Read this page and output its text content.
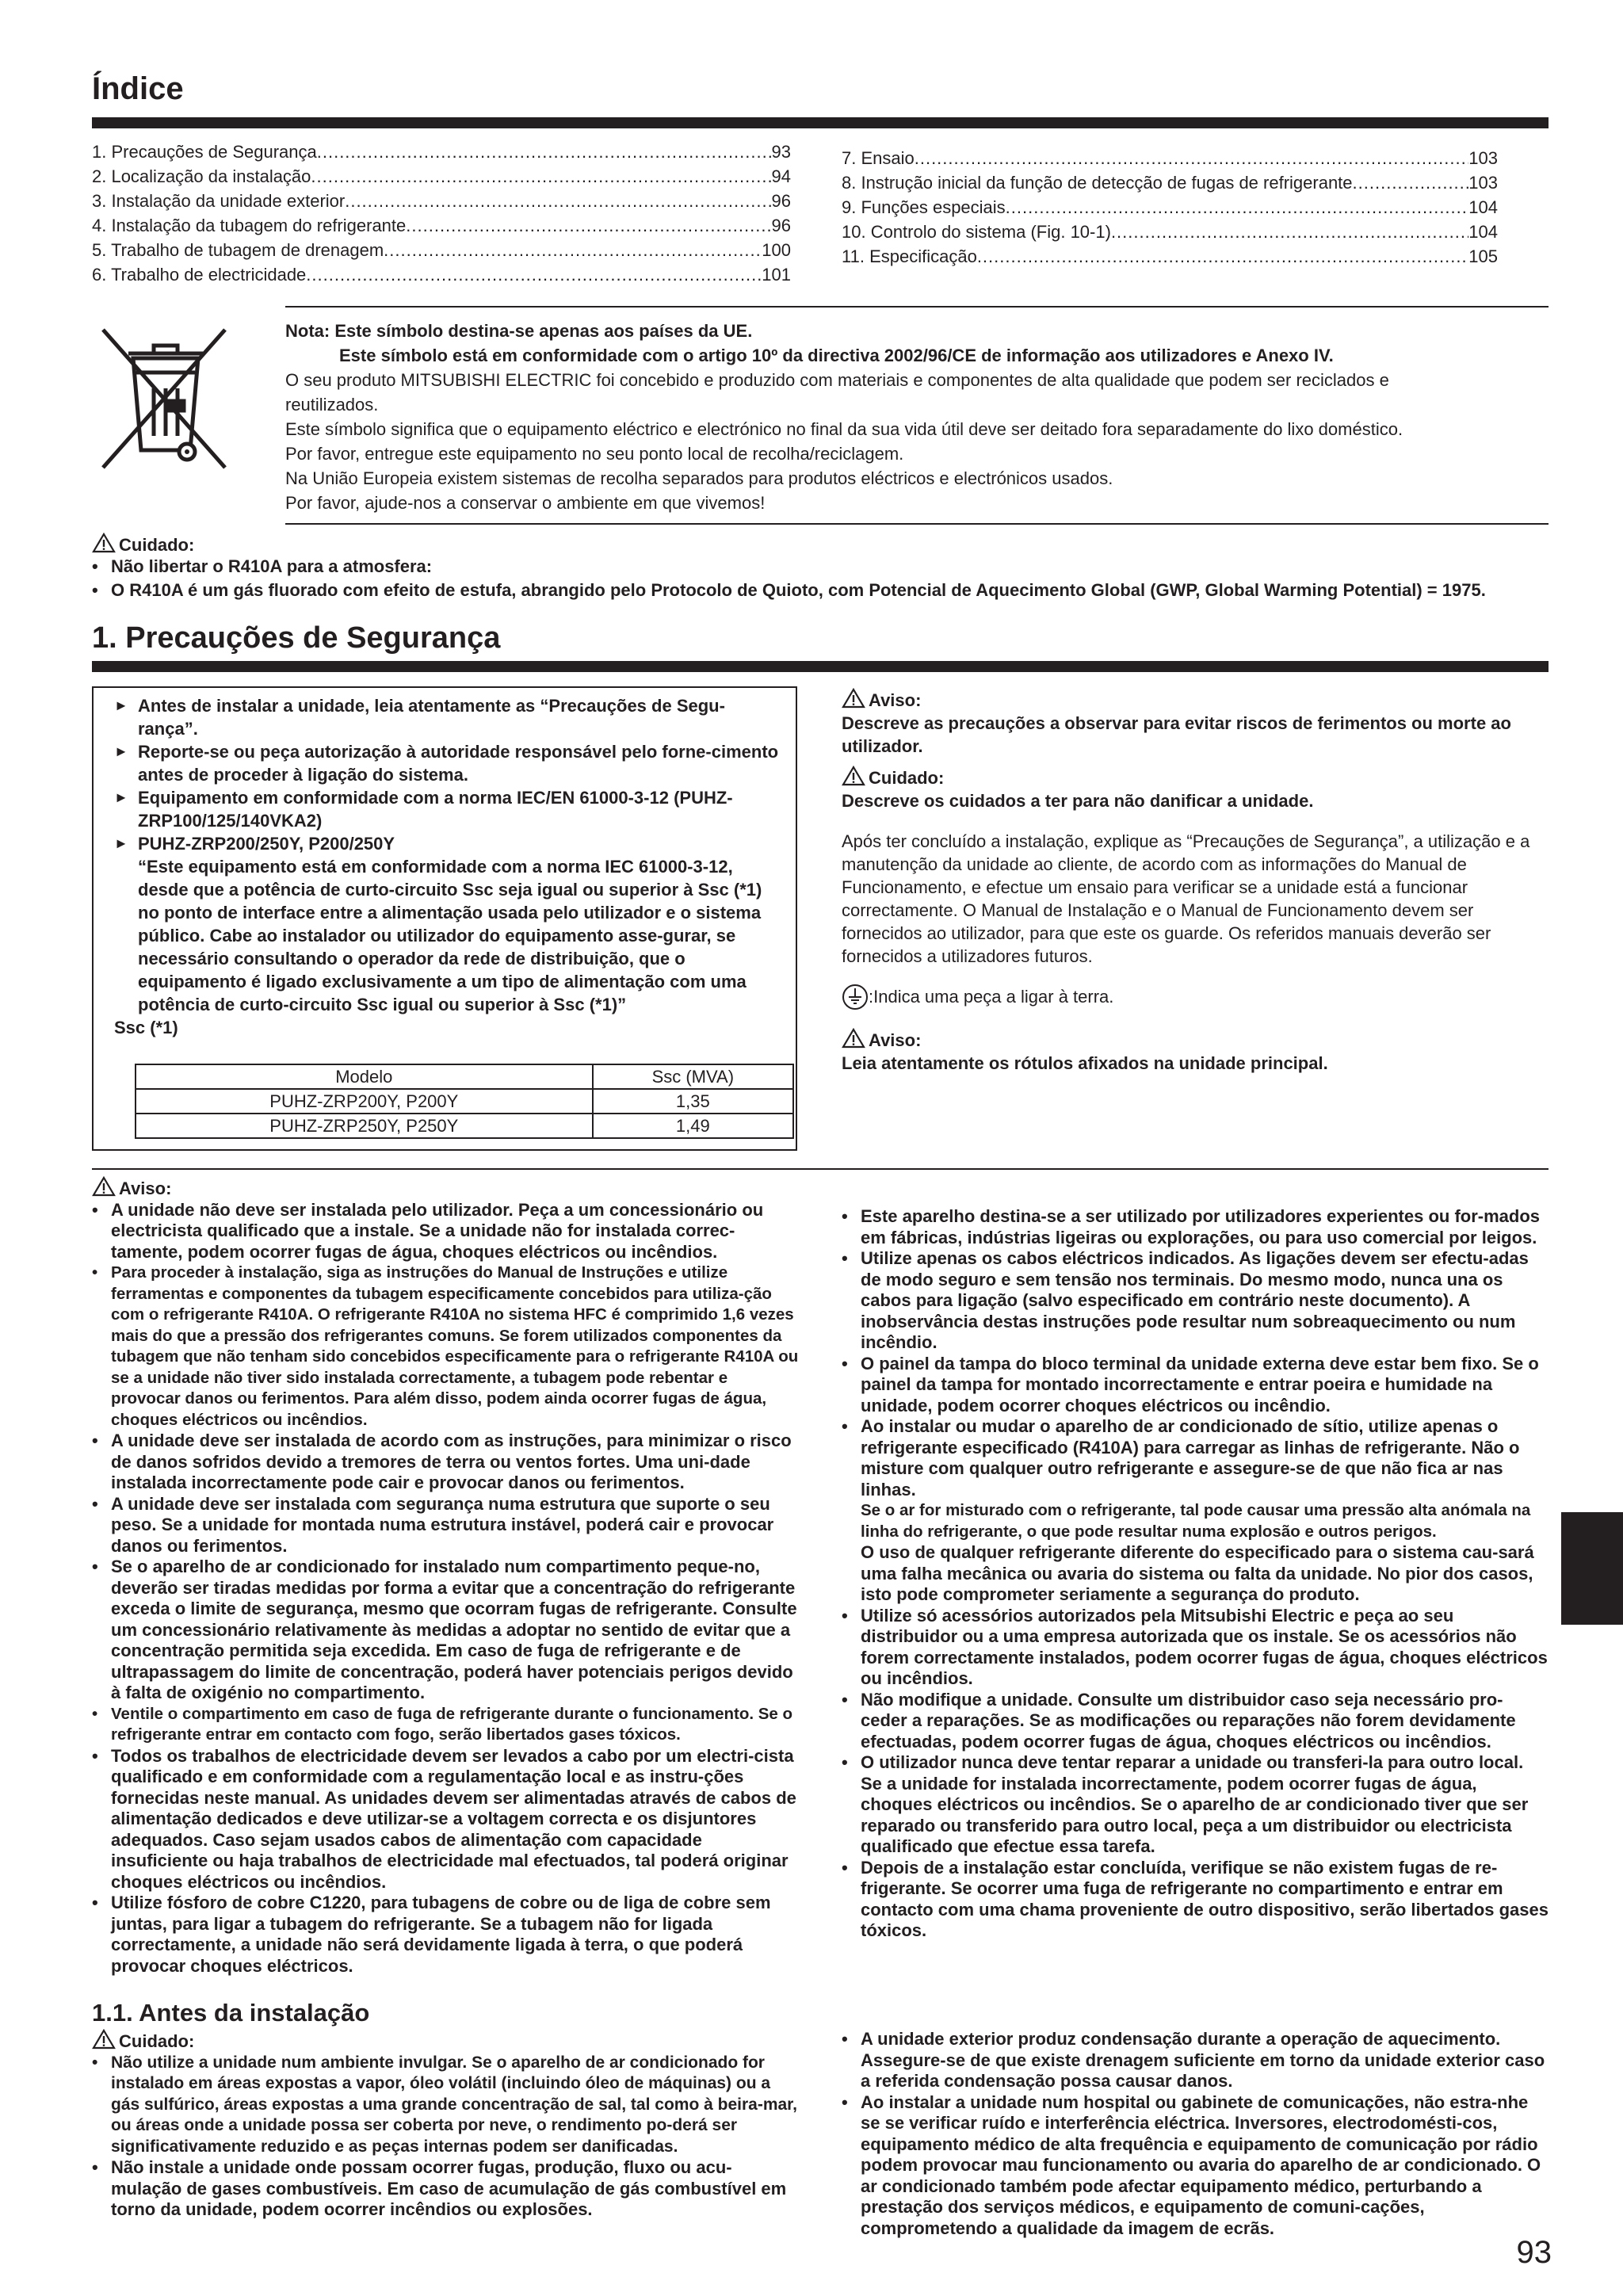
Índice
1. Precauções de Segurança .....	93
2. Localização da instalação .....	94
3. Instalação da unidade exterior .....	96
4. Instalação da tubagem do refrigerante .....	96
5. Trabalho de tubagem de drenagem .....	100
6. Trabalho de electricidade .....	101
7. Ensaio .....	103
8. Instrução inicial da função de detecção de fugas de refrigerante .....	103
9. Funções especiais .....	104
10. Controlo do sistema (Fig. 10-1) .....	104
11. Especificação .....	105
Nota: Este símbolo destina-se apenas aos países da UE.
Este símbolo está em conformidade com o artigo 10º da directiva 2002/96/CE de informação aos utilizadores e Anexo IV.
O seu produto MITSUBISHI ELECTRIC foi concebido e produzido com materiais e componentes de alta qualidade que podem ser reciclados e
reutilizados.
Este símbolo significa que o equipamento eléctrico e electrónico no final da sua vida útil deve ser deitado fora separadamente do lixo doméstico.
Por favor, entregue este equipamento no seu ponto local de recolha/reciclagem.
Na União Europeia existem sistemas de recolha separados para produtos eléctricos e electrónicos usados.
Por favor, ajude-nos a conservar o ambiente em que vivemos!
Cuidado:
• Não libertar o R410A para a atmosfera:
• O R410A é um gás fluorado com efeito de estufa, abrangido pelo Protocolo de Quioto, com Potencial de Aquecimento Global (GWP, Global Warming Potential) = 1975.
1. Precauções de Segurança
► Antes de instalar a unidade, leia atentamente as “Precauções de Segu-rança”.
► Reporte-se ou peça autorização à autoridade responsável pelo forne-cimento antes de proceder à ligação do sistema.
► Equipamento em conformidade com a norma IEC/EN 61000-3-12 (PUHZ-ZRP100/125/140VKA2)
► PUHZ-ZRP200/250Y, P200/250Y
“Este equipamento está em conformidade com a norma IEC 61000-3-12, desde que a potência de curto-circuito Ssc seja igual ou superior à Ssc (*1) no ponto de interface entre a alimentação usada pelo utilizador e o sistema público. Cabe ao instalador ou utilizador do equipamento asse-gurar, se necessário consultando o operador da rede de distribuição, que o equipamento é ligado exclusivamente a um tipo de alimentação com uma potência de curto-circuito Ssc igual ou superior à Ssc (*1)”
Ssc (*1)
Modelo	Ssc (MVA)
PUHZ-ZRP200Y, P200Y	1,35
PUHZ-ZRP250Y, P250Y	1,49
Aviso:
Descreve as precauções a observar para evitar riscos de ferimentos ou morte ao utilizador.
Cuidado:
Descreve os cuidados a ter para não danificar a unidade.
Após ter concluído a instalação, explique as “Precauções de Segurança”, a utilização e a manutenção da unidade ao cliente, de acordo com as informações do Manual de Funcionamento, e efectue um ensaio para verificar se a unidade está a funcionar correctamente. O Manual de Instalação e o Manual de Funcionamento devem ser fornecidos ao utilizador, para que este os guarde. Os referidos manuais deverão ser fornecidos a utilizadores futuros.
:Indica uma peça a ligar à terra.
Aviso:
Leia atentamente os rótulos afixados na unidade principal.
Aviso:
• A unidade não deve ser instalada pelo utilizador. Peça a um concessionário ou electricista qualificado que a instale. Se a unidade não for instalada correc-tamente, podem ocorrer fugas de água, choques eléctricos ou incêndios.
• Para proceder à instalação, siga as instruções do Manual de Instruções e utilize ferramentas e componentes da tubagem especificamente concebidos para utiliza-ção com o refrigerante R410A. O refrigerante R410A no sistema HFC é comprimido 1,6 vezes mais do que a pressão dos refrigerantes comuns. Se forem utilizados componentes da tubagem que não tenham sido concebidos especificamente para o refrigerante R410A ou se a unidade não tiver sido instalada correctamente, a tubagem pode rebentar e provocar danos ou ferimentos. Para além disso, podem ainda ocorrer fugas de água, choques eléctricos ou incêndios.
• A unidade deve ser instalada de acordo com as instruções, para minimizar o risco de danos sofridos devido a tremores de terra ou ventos fortes. Uma uni-dade instalada incorrectamente pode cair e provocar danos ou ferimentos.
• A unidade deve ser instalada com segurança numa estrutura que suporte o seu peso. Se a unidade for montada numa estrutura instável, poderá cair e provocar danos ou ferimentos.
• Se o aparelho de ar condicionado for instalado num compartimento peque-no, deverão ser tiradas medidas por forma a evitar que a concentração do refrigerante exceda o limite de segurança, mesmo que ocorram fugas de refrigerante. Consulte um concessionário relativamente às medidas a adoptar no sentido de evitar que a concentração permitida seja excedida. Em caso de fuga de refrigerante e de ultrapassagem do limite de concentração, poderá haver potenciais perigos devido à falta de oxigénio no compartimento.
• Ventile o compartimento em caso de fuga de refrigerante durante o funcionamento. Se o refrigerante entrar em contacto com fogo, serão libertados gases tóxicos.
• Todos os trabalhos de electricidade devem ser levados a cabo por um electri-cista qualificado e em conformidade com a regulamentação local e as instru-ções fornecidas neste manual. As unidades devem ser alimentadas através de cabos de alimentação dedicados e deve utilizar-se a voltagem correcta e os disjuntores adequados. Caso sejam usados cabos de alimentação com capacidade insuficiente ou haja trabalhos de electricidade mal efectuados, tal poderá originar choques eléctricos ou incêndios.
• Utilize fósforo de cobre C1220, para tubagens de cobre ou de liga de cobre sem juntas, para ligar a tubagem do refrigerante. Se a tubagem não for ligada correctamente, a unidade não será devidamente ligada à terra, o que poderá provocar choques eléctricos.
• Este aparelho destina-se a ser utilizado por utilizadores experientes ou for-mados em fábricas, indústrias ligeiras ou explorações, ou para uso comercial por leigos.
• Utilize apenas os cabos eléctricos indicados. As ligações devem ser efectu-adas de modo seguro e sem tensão nos terminais. Do mesmo modo, nunca una os cabos para ligação (salvo especificado em contrário neste documento). A inobservância destas instruções pode resultar num sobreaquecimento ou num incêndio.
• O painel da tampa do bloco terminal da unidade externa deve estar bem fixo. Se o painel da tampa for montado incorrectamente e entrar poeira e humidade na unidade, podem ocorrer choques eléctricos ou incêndio.
• Ao instalar ou mudar o aparelho de ar condicionado de sítio, utilize apenas o refrigerante especificado (R410A) para carregar as linhas de refrigerante. Não o misture com qualquer outro refrigerante e assegure-se de que não fica ar nas linhas.
Se o ar for misturado com o refrigerante, tal pode causar uma pressão alta anómala na linha do refrigerante, o que pode resultar numa explosão e outros perigos.
O uso de qualquer refrigerante diferente do especificado para o sistema cau-sará uma falha mecânica ou avaria do sistema ou falta da unidade. No pior dos casos, isto pode comprometer seriamente a segurança do produto.
• Utilize só acessórios autorizados pela Mitsubishi Electric e peça ao seu distribuidor ou a uma empresa autorizada que os instale. Se os acessórios não forem correctamente instalados, podem ocorrer fugas de água, choques eléctricos ou incêndios.
• Não modifique a unidade. Consulte um distribuidor caso seja necessário pro-ceder a reparações. Se as modificações ou reparações não forem devidamente efectuadas, podem ocorrer fugas de água, choques eléctricos ou incêndios.
• O utilizador nunca deve tentar reparar a unidade ou transferi-la para outro local. Se a unidade for instalada incorrectamente, podem ocorrer fugas de água, choques eléctricos ou incêndios. Se o aparelho de ar condicionado tiver que ser reparado ou transferido para outro local, peça a um distribuidor ou electricista qualificado que efectue essa tarefa.
• Depois de a instalação estar concluída, verifique se não existem fugas de re-frigerante. Se ocorrer uma fuga de refrigerante no compartimento e entrar em contacto com uma chama proveniente de outro dispositivo, serão libertados gases tóxicos.
1.1. Antes da instalação
Cuidado:
• Não utilize a unidade num ambiente invulgar. Se o aparelho de ar condicionado for instalado em áreas expostas a vapor, óleo volátil (incluindo óleo de máquinas) ou a gás sulfúrico, áreas expostas a uma grande concentração de sal, tal como à beira-mar, ou áreas onde a unidade possa ser coberta por neve, o rendimento po-derá ser significativamente reduzido e as peças internas podem ser danificadas.
• Não instale a unidade onde possam ocorrer fugas, produção, fluxo ou acu-mulação de gases combustíveis. Em caso de acumulação de gás combustível em torno da unidade, podem ocorrer incêndios ou explosões.
• A unidade exterior produz condensação durante a operação de aquecimento. Assegure-se de que existe drenagem suficiente em torno da unidade exterior caso a referida condensação possa causar danos.
• Ao instalar a unidade num hospital ou gabinete de comunicações, não estra-nhe se se verificar ruído e interferência eléctrica. Inversores, electrodomésti-cos, equipamento médico de alta frequência e equipamento de comunicação por rádio podem provocar mau funcionamento ou avaria do aparelho de ar condicionado. O ar condicionado também pode afectar equipamento médico, perturbando a prestação dos serviços médicos, e equipamento de comuni-cações, comprometendo a qualidade da imagem de ecrãs.
93
